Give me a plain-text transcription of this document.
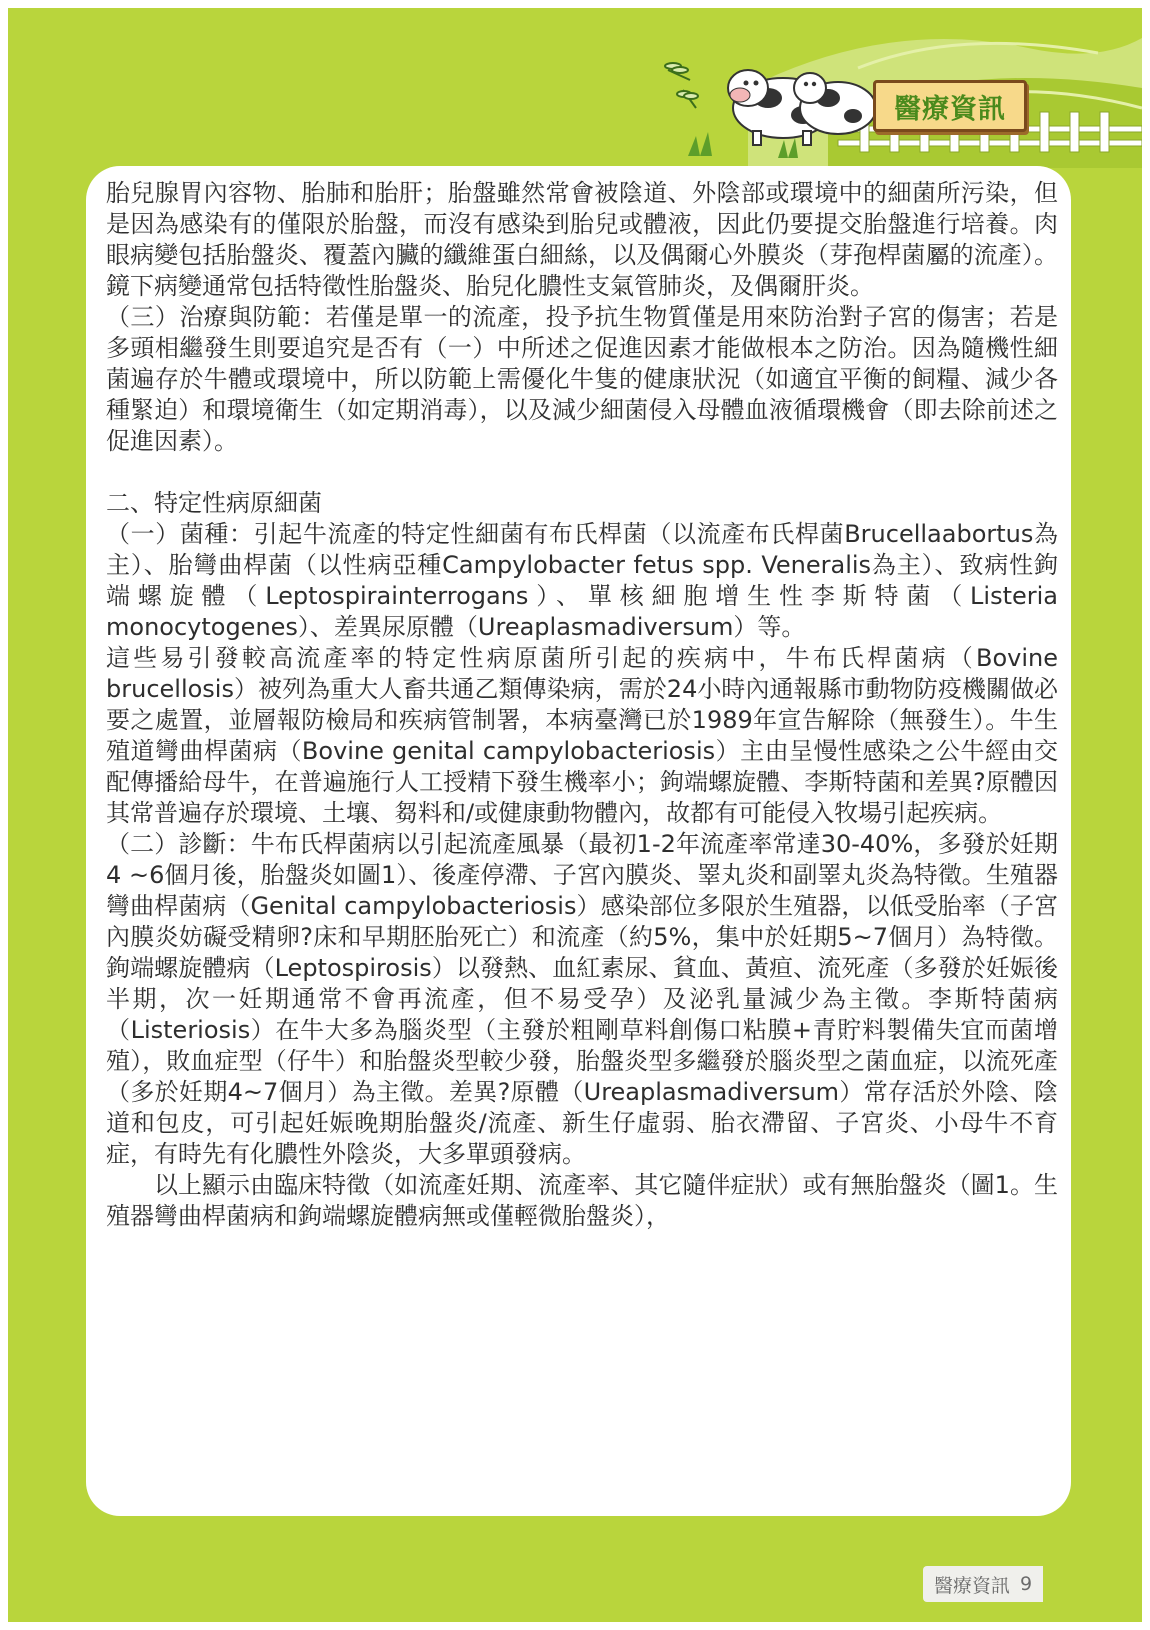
醫療資訊

胎兒腺胃內容物、胎肺和胎肝；胎盤雖然常會被陰道、外陰部或環境中的細菌所污染，但是因為感染有的僅限於胎盤，而沒有感染到胎兒或體液，因此仍要提交胎盤進行培養。肉眼病變包括胎盤炎、覆蓋內臟的纖維蛋白細絲，以及偶爾心外膜炎（芽孢桿菌屬的流產）。鏡下病變通常包括特徵性胎盤炎、胎兒化膿性支氣管肺炎，及偶爾肝炎。

（三）治療與防範：若僅是單一的流產，投予抗生物質僅是用來防治對子宮的傷害；若是多頭相繼發生則要追究是否有（一）中所述之促進因素才能做根本之防治。因為隨機性細菌遍存於牛體或環境中，所以防範上需優化牛隻的健康狀況（如適宜平衡的飼糧、減少各種緊迫）和環境衛生（如定期消毒），以及減少細菌侵入母體血液循環機會（即去除前述之促進因素）。

二、特定性病原細菌

（一）菌種：引起牛流產的特定性細菌有布氏桿菌（以流產布氏桿菌Brucellaabortus為主）、胎彎曲桿菌（以性病亞種Campylobacter fetus spp. Veneralis為主）、致病性鉤端螺旋體（Leptospirainterrogans）、單核細胞增生性李斯特菌（Listeria monocytogenes）、差異尿原體（Ureaplasmadiversum）等。

這些易引發較高流產率的特定性病原菌所引起的疾病中，牛布氏桿菌病（Bovine brucellosis）被列為重大人畜共通乙類傳染病，需於24小時內通報縣市動物防疫機關做必要之處置，並層報防檢局和疾病管制署，本病臺灣已於1989年宣告解除（無發生）。牛生殖道彎曲桿菌病（Bovine genital campylobacteriosis）主由呈慢性感染之公牛經由交配傳播給母牛，在普遍施行人工授精下發生機率小；鉤端螺旋體、李斯特菌和差異?原體因其常普遍存於環境、土壤、芻料和/或健康動物體內，故都有可能侵入牧場引起疾病。

（二）診斷：牛布氏桿菌病以引起流產風暴（最初1-2年流產率常達30-40%，多發於妊期4 ~6個月後，胎盤炎如圖1）、後產停滯、子宮內膜炎、睪丸炎和副睪丸炎為特徵。生殖器彎曲桿菌病（Genital campylobacteriosis）感染部位多限於生殖器，以低受胎率（子宮內膜炎妨礙受精卵?床和早期胚胎死亡）和流產（約5%，集中於妊期5~7個月）為特徵。鉤端螺旋體病（Leptospirosis）以發熱、血紅素尿、貧血、黃疸、流死產（多發於妊娠後半期，次一妊期通常不會再流產，但不易受孕）及泌乳量減少為主徵。李斯特菌病（Listeriosis）在牛大多為腦炎型（主發於粗剛草料創傷口粘膜+青貯料製備失宜而菌增殖），敗血症型（仔牛）和胎盤炎型較少發，胎盤炎型多繼發於腦炎型之菌血症，以流死產（多於妊期4~7個月）為主徵。差異?原體（Ureaplasmadiversum）常存活於外陰、陰道和包皮，可引起妊娠晚期胎盤炎/流產、新生仔虛弱、胎衣滯留、子宮炎、小母牛不育症，有時先有化膿性外陰炎，大多單頭發病。

以上顯示由臨床特徵（如流產妊期、流產率、其它隨伴症狀）或有無胎盤炎（圖1。生殖器彎曲桿菌病和鉤端螺旋體病無或僅輕微胎盤炎），

醫療資訊 9
